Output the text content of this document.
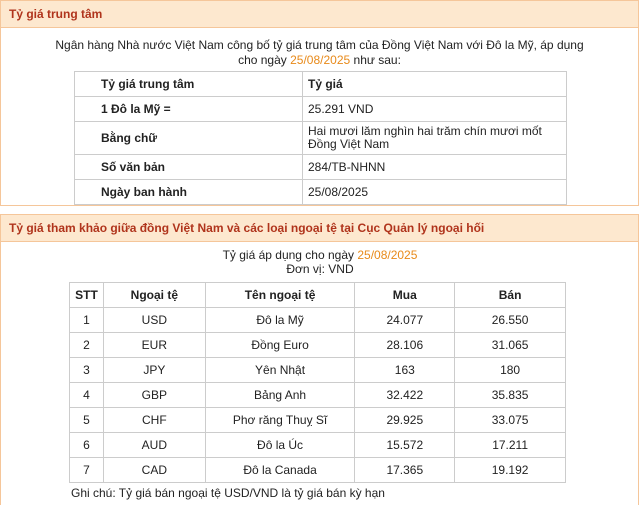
Tỷ giá trung tâm
Ngân hàng Nhà nước Việt Nam công bố tỷ giá trung tâm của Đồng Việt Nam với Đô la Mỹ, áp dụng
cho ngày 25/08/2025 như sau:
Tỷ giá trung tâm	Tỷ giá
1 Đô la Mỹ =	25.291 VND
Bằng chữ	Hai mươi lăm nghìn hai trăm chín mươi mốt Đồng Việt Nam
Số văn bản	284/TB-NHNN
Ngày ban hành	25/08/2025
Tỷ giá tham khảo giữa đồng Việt Nam và các loại ngoại tệ tại Cục Quản lý ngoại hối
Tỷ giá áp dụng cho ngày 25/08/2025
Đơn vị: VND
STT	Ngoại tệ	Tên ngoại tệ	Mua	Bán
1	USD	Đô la Mỹ	24.077	26.550
2	EUR	Đồng Euro	28.106	31.065
3	JPY	Yên Nhật	163	180
4	GBP	Bảng Anh	32.422	35.835
5	CHF	Phơ răng Thuỵ Sĩ	29.925	33.075
6	AUD	Đô la Úc	15.572	17.211
7	CAD	Đô la Canada	17.365	19.192
Ghi chú: Tỷ giá bán ngoại tệ USD/VND là tỷ giá bán kỳ hạn
